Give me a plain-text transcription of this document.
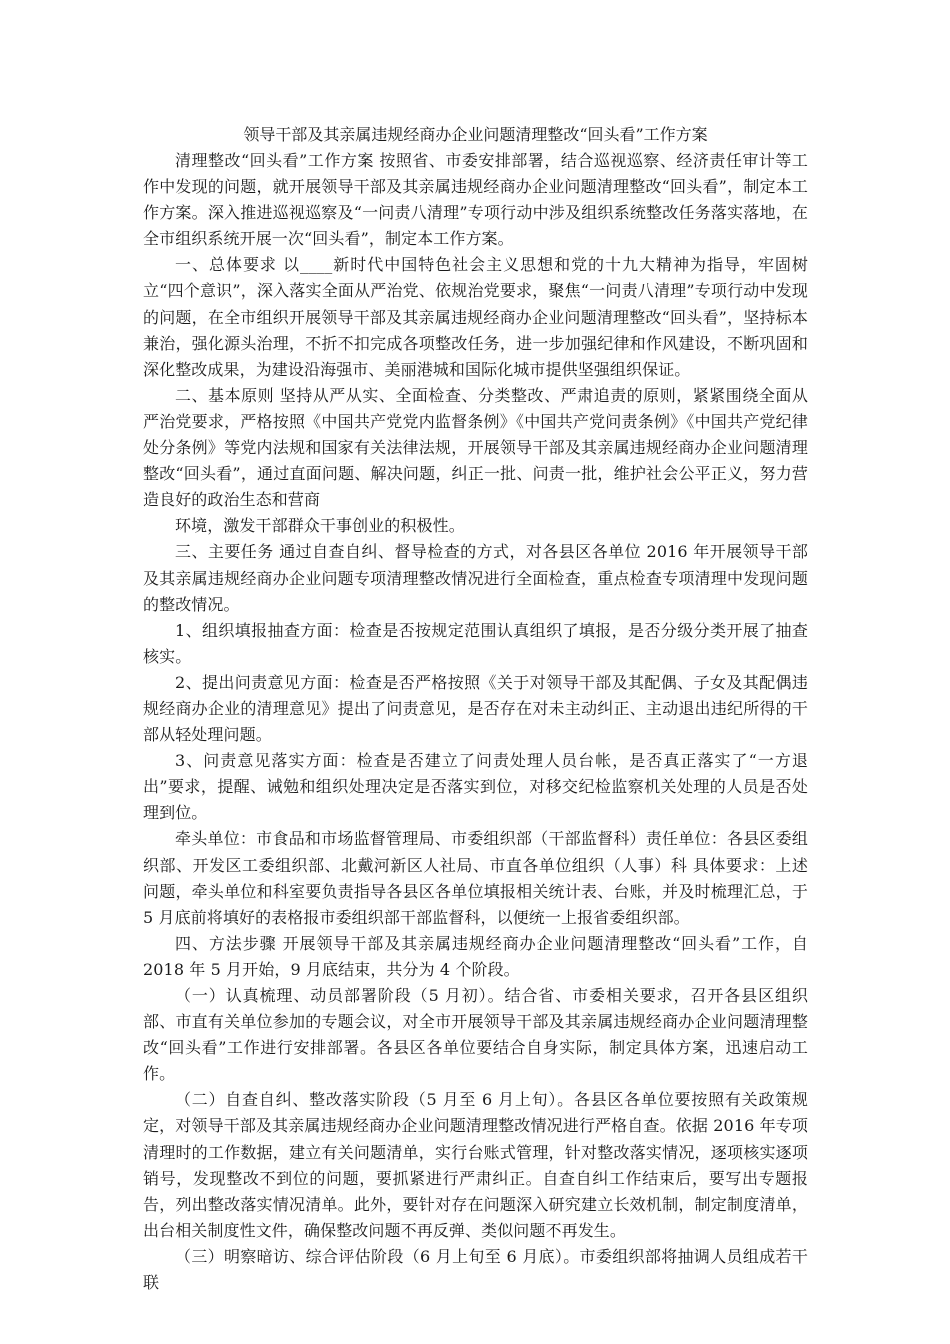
领导干部及其亲属违规经商办企业问题清理整改“回头看”工作方案

清理整改“回头看”工作方案 按照省、市委安排部署，结合巡视巡察、经济责任审计等工作中发现的问题，就开展领导干部及其亲属违规经商办企业问题清理整改“回头看”，制定本工作方案。深入推进巡视巡察及“一问责八清理”专项行动中涉及组织系统整改任务落实落地，在全市组织系统开展一次“回头看”，制定本工作方案。

一、总体要求 以____新时代中国特色社会主义思想和党的十九大精神为指导，牢固树立“四个意识”，深入落实全面从严治党、依规治党要求，聚焦“一问责八清理”专项行动中发现的问题，在全市组织开展领导干部及其亲属违规经商办企业问题清理整改“回头看”，坚持标本兼治，强化源头治理，不折不扣完成各项整改任务，进一步加强纪律和作风建设，不断巩固和深化整改成果，为建设沿海强市、美丽港城和国际化城市提供坚强组织保证。

二、基本原则 坚持从严从实、全面检查、分类整改、严肃追责的原则，紧紧围绕全面从严治党要求，严格按照《中国共产党党内监督条例》《中国共产党问责条例》《中国共产党纪律处分条例》等党内法规和国家有关法律法规，开展领导干部及其亲属违规经商办企业问题清理整改“回头看”，通过直面问题、解决问题，纠正一批、问责一批，维护社会公平正义，努力营造良好的政治生态和营商

环境，激发干部群众干事创业的积极性。

三、主要任务 通过自查自纠、督导检查的方式，对各县区各单位 2016 年开展领导干部及其亲属违规经商办企业问题专项清理整改情况进行全面检查，重点检查专项清理中发现问题的整改情况。

1、组织填报抽查方面：检查是否按规定范围认真组织了填报，是否分级分类开展了抽查核实。

2、提出问责意见方面：检查是否严格按照《关于对领导干部及其配偶、子女及其配偶违规经商办企业的清理意见》提出了问责意见，是否存在对未主动纠正、主动退出违纪所得的干部从轻处理问题。

3、问责意见落实方面：检查是否建立了问责处理人员台帐，是否真正落实了“一方退出”要求，提醒、诫勉和组织处理决定是否落实到位，对移交纪检监察机关处理的人员是否处理到位。

牵头单位：市食品和市场监督管理局、市委组织部（干部监督科）责任单位：各县区委组织部、开发区工委组织部、北戴河新区人社局、市直各单位组织（人事）科 具体要求：上述问题，牵头单位和科室要负责指导各县区各单位填报相关统计表、台账，并及时梳理汇总，于 5 月底前将填好的表格报市委组织部干部监督科，以便统一上报省委组织部。

四、方法步骤 开展领导干部及其亲属违规经商办企业问题清理整改“回头看”工作，自 2018 年 5 月开始，9 月底结束，共分为 4 个阶段。

（一）认真梳理、动员部署阶段（5 月初）。结合省、市委相关要求，召开各县区组织部、市直有关单位参加的专题会议，对全市开展领导干部及其亲属违规经商办企业问题清理整改“回头看”工作进行安排部署。各县区各单位要结合自身实际，制定具体方案，迅速启动工作。

（二）自查自纠、整改落实阶段（5 月至 6 月上旬）。各县区各单位要按照有关政策规定，对领导干部及其亲属违规经商办企业问题清理整改情况进行严格自查。依据 2016 年专项清理时的工作数据，建立有关问题清单，实行台账式管理，针对整改落实情况，逐项核实逐项销号，发现整改不到位的问题，要抓紧进行严肃纠正。自查自纠工作结束后，要写出专题报告，列出整改落实情况清单。此外，要针对存在问题深入研究建立长效机制，制定制度清单，出台相关制度性文件，确保整改问题不再反弹、类似问题不再发生。

（三）明察暗访、综合评估阶段（6 月上旬至 6 月底）。市委组织部将抽调人员组成若干联
